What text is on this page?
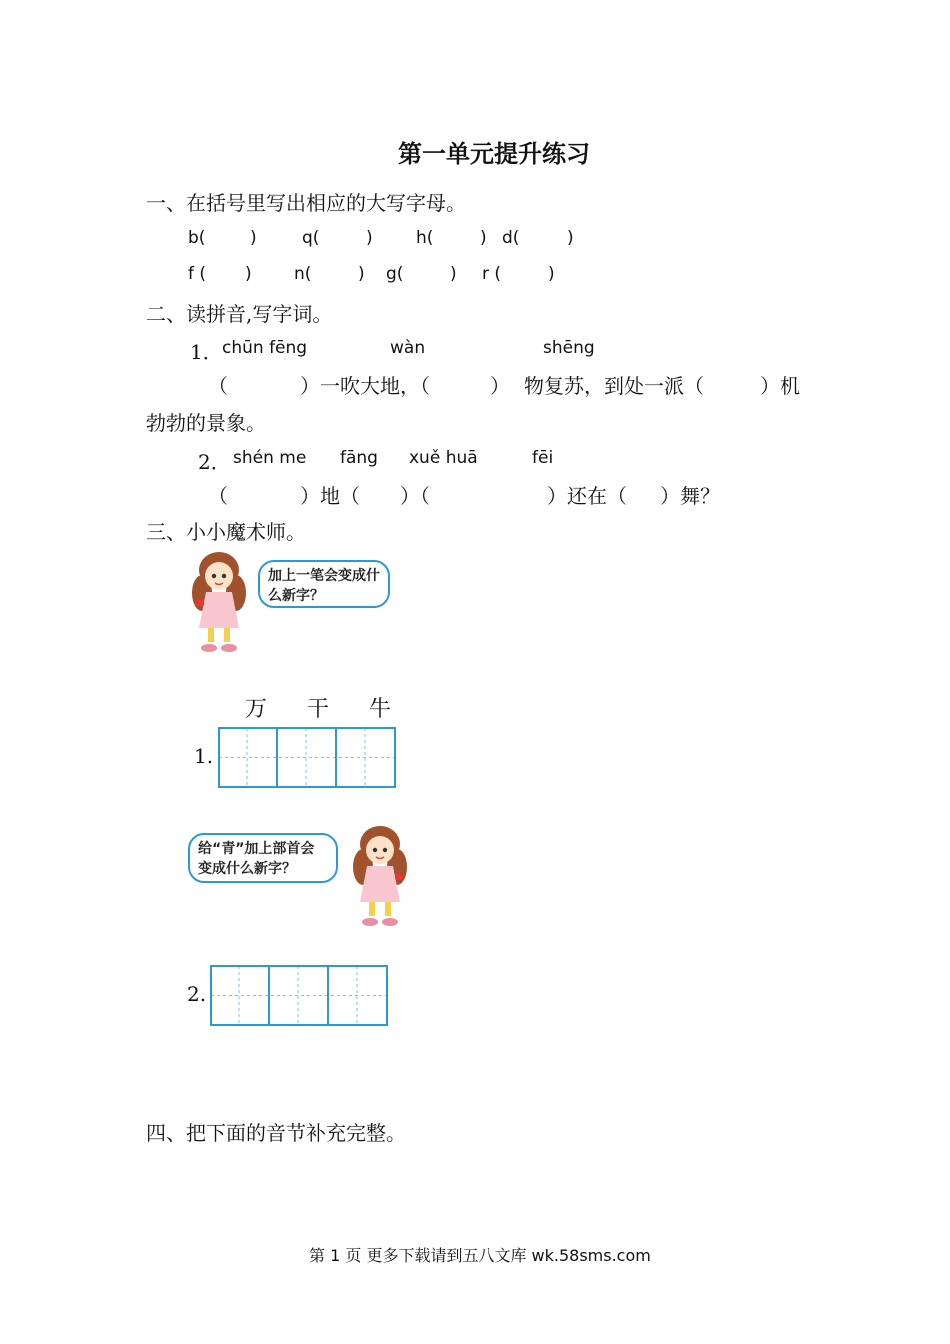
第一单元提升练习
一、在括号里写出相应的大写字母。
b(	)	q(	)	h(	) d(	)
f ( ) n(	) g(	) r (	)
二、读拼音,写字词。
1． chūn fēng	wàn	shēng
（	）一吹大地，（	） 物复苏，到处一派（	）机
勃勃的景象。
2． shén me fāng xuě huā	fēi
（	）地（ ）（	）还在（ ）舞？
三、小小魔术师。
加上一笔会变成什么新字？
万 干 牛
1.
给“青”加上部首会变成什么新字？
2.
四、把下面的音节补充完整。
第 1 页 更多下载请到五八文库 wk.58sms.com
